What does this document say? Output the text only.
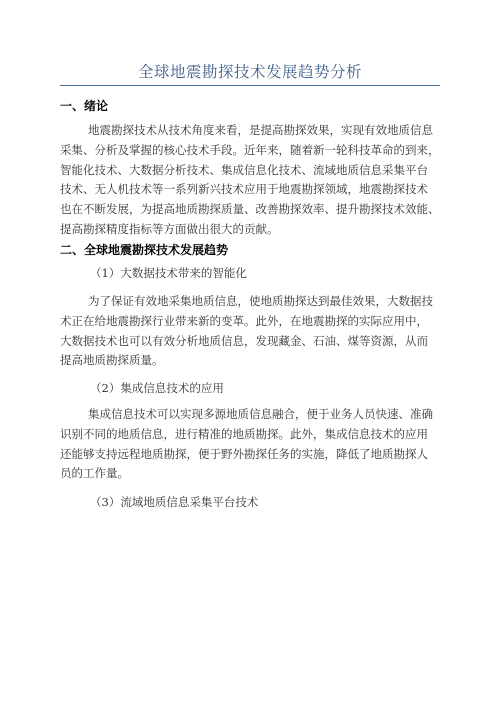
全球地震勘探技术发展趋势分析
一、绪论
地震勘探技术从技术角度来看，是提高勘探效果，实现有效地质信息
采集、分析及掌握的核心技术手段。近年来，随着新一轮科技革命的到来，
智能化技术、大数据分析技术、集成信息化技术、流域地质信息采集平台
技术、无人机技术等一系列新兴技术应用于地震勘探领域，地震勘探技术
也在不断发展，为提高地质勘探质量、改善勘探效率、提升勘探技术效能、
提高勘探精度指标等方面做出很大的贡献。
二、全球地震勘探技术发展趋势
（1）大数据技术带来的智能化
为了保证有效地采集地质信息，使地质勘探达到最佳效果，大数据技
术正在给地震勘探行业带来新的变革。此外，在地震勘探的实际应用中，
大数据技术也可以有效分析地质信息，发现藏金、石油、煤等资源，从而
提高地质勘探质量。
（2）集成信息技术的应用
集成信息技术可以实现多源地质信息融合，便于业务人员快速、准确
识别不同的地质信息，进行精准的地质勘探。此外，集成信息技术的应用
还能够支持远程地质勘探，便于野外勘探任务的实施，降低了地质勘探人
员的工作量。
（3）流域地质信息采集平台技术
